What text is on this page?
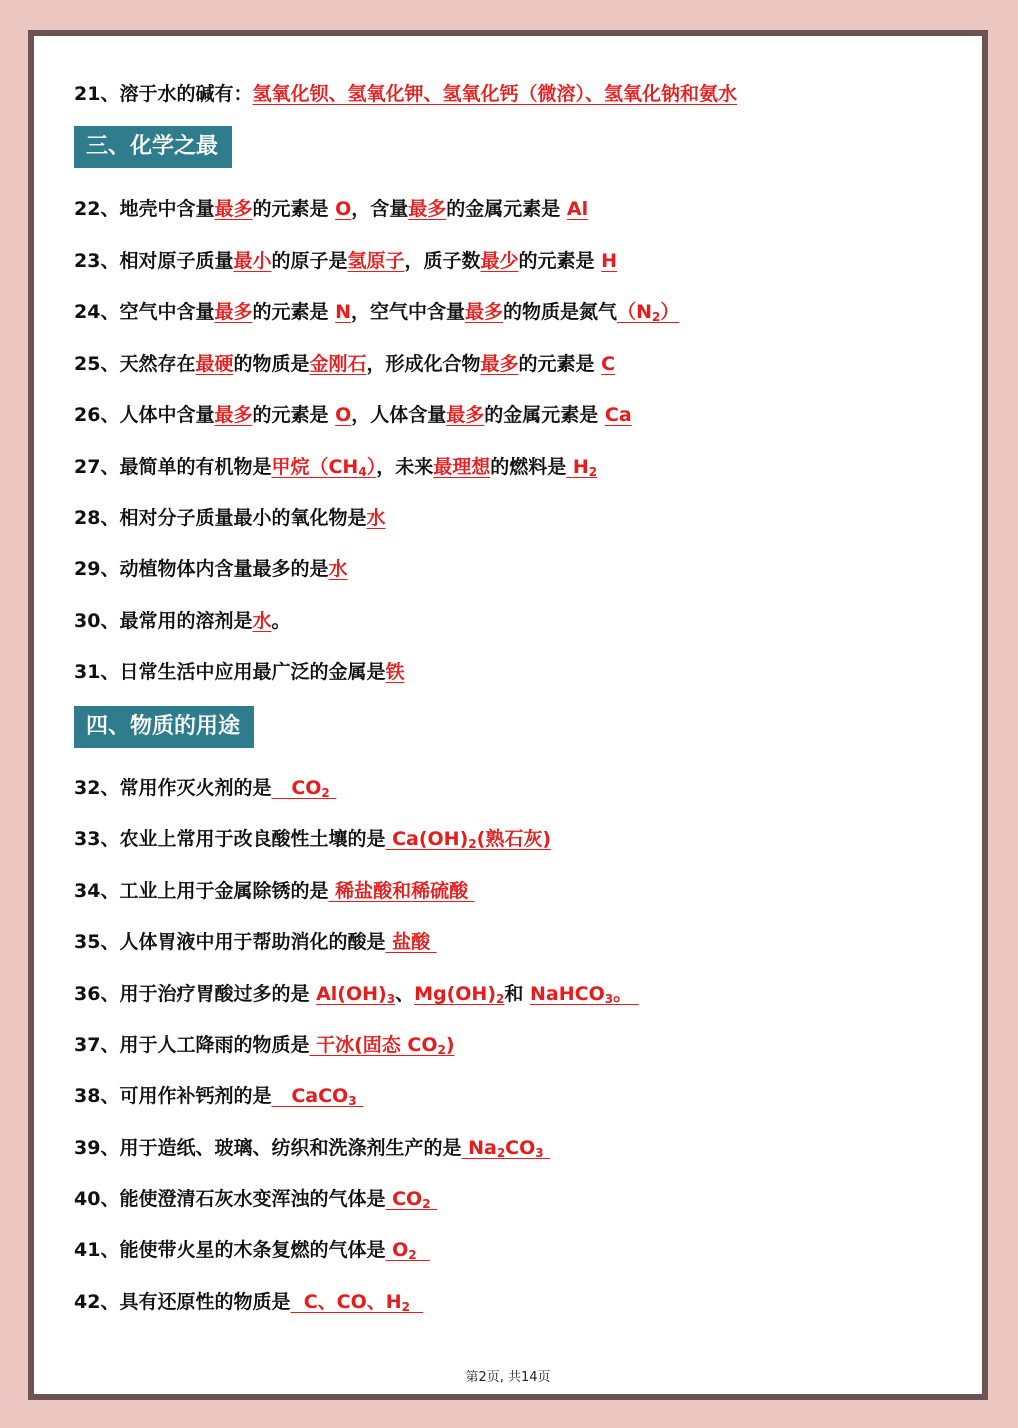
21、溶于水的碱有：氢氧化钡、氢氧化钾、氢氧化钙（微溶）、氢氧化钠和氨水
三、化学之最
22、地壳中含量最多的元素是 O，含量最多的金属元素是 Al
23、相对原子质量最小的原子是氢原子，质子数最少的元素是 H
24、空气中含量最多的元素是 N，空气中含量最多的物质是氮气$(N_2)$
25、天然存在最硬的物质是金刚石，形成化合物最多的元素是 C
26、人体中含量最多的元素是 O，人体含量最多的金属元素是 Ca
27、最简单的有机物是甲烷$(CH_4)$，未来最理想的燃料是 $H_2$
28、相对分子质量最小的氧化物是水
29、动植物体内含量最多的是水
30、最常用的溶剂是水。
31、日常生活中应用最广泛的金属是铁
四、物质的用途
32、常用作灭火剂的是   $CO_2$
33、农业上常用于改良酸性土壤的是 $Ca(OH)_2$(熟石灰)
34、工业上用于金属除锈的是 稀盐酸和稀硫酸
35、人体胃液中用于帮助消化的酸是 盐酸
36、用于治疗胃酸过多的是 $Al(OH)_3$、$Mg(OH)_2$和 NaHCO$_3$。
37、用于人工降雨的物质是 干冰(固态 $CO_2$)
38、可用作补钙剂的是   CaCO$_3$
39、用于造纸、玻璃、纺织和洗涤剂生产的是 $Na_2CO_3$
40、能使澄清石灰水变浑浊的气体是 $CO_2$
41、能使带火星的木条复燃的气体是 $O_2$
42、具有还原性的物质是  C、CO、$H_2$
第2页, 共14页
